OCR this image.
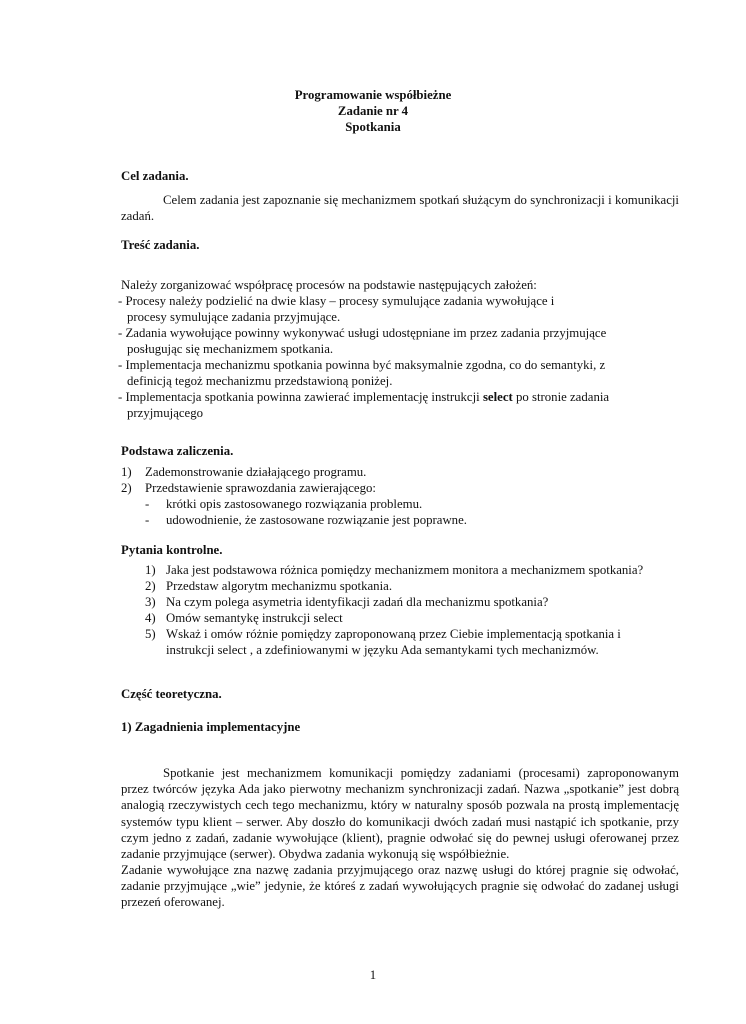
Programowanie współbieżne
Zadanie nr 4
Spotkania
Cel zadania.

Celem zadania jest zapoznanie się mechanizmem spotkań służącym do synchronizacji i komunikacji zadań.

Treść zadania.
Należy zorganizować współpracę procesów na podstawie następujących założeń:
- Procesy należy podzielić na dwie klasy – procesy symulujące zadania wywołujące i
procesy symulujące zadania przyjmujące.
- Zadania wywołujące powinny wykonywać usługi udostępniane im przez zadania przyjmujące
posługując się mechanizmem spotkania.
- Implementacja mechanizmu spotkania powinna być maksymalnie zgodna, co do semantyki, z
definicją tegoż mechanizmu przedstawioną poniżej.
- Implementacja spotkania powinna zawierać implementację instrukcji select po stronie zadania
przyjmującego
Podstawa zaliczenia.
1) Zademonstrowanie działającego programu.
2) Przedstawienie sprawozdania zawierającego:
- krótki opis zastosowanego rozwiązania problemu.
- udowodnienie, że zastosowane rozwiązanie jest poprawne.
Pytania kontrolne.
1) Jaka jest podstawowa różnica pomiędzy mechanizmem monitora a mechanizmem spotkania?
2) Przedstaw algorytm mechanizmu spotkania.
3) Na czym polega asymetria identyfikacji zadań dla mechanizmu spotkania?
4) Omów semantykę instrukcji select
5) Wskaż i omów różnie pomiędzy zaproponowaną przez Ciebie implementacją spotkania i
instrukcji select , a zdefiniowanymi w języku Ada semantykami tych mechanizmów.
Część teoretyczna.
1) Zagadnienia implementacyjne

Spotkanie jest mechanizmem komunikacji pomiędzy zadaniami (procesami) zaproponowanym przez twórców języka Ada jako pierwotny mechanizm synchronizacji zadań. Nazwa „spotkanie” jest dobrą analogią rzeczywistych cech tego mechanizmu, który w naturalny sposób pozwala na prostą implementację systemów typu klient – serwer. Aby doszło do komunikacji dwóch zadań musi nastąpić ich spotkanie, przy czym jedno z zadań, zadanie wywołujące (klient), pragnie odwołać się do pewnej usługi oferowanej przez zadanie przyjmujące (serwer). Obydwa zadania wykonują się współbieżnie.

Zadanie wywołujące zna nazwę zadania przyjmującego oraz nazwę usługi do której pragnie się odwołać, zadanie przyjmujące „wie” jedynie, że któreś z zadań wywołujących pragnie się odwołać do zadanej usługi przezeń oferowanej.

1
